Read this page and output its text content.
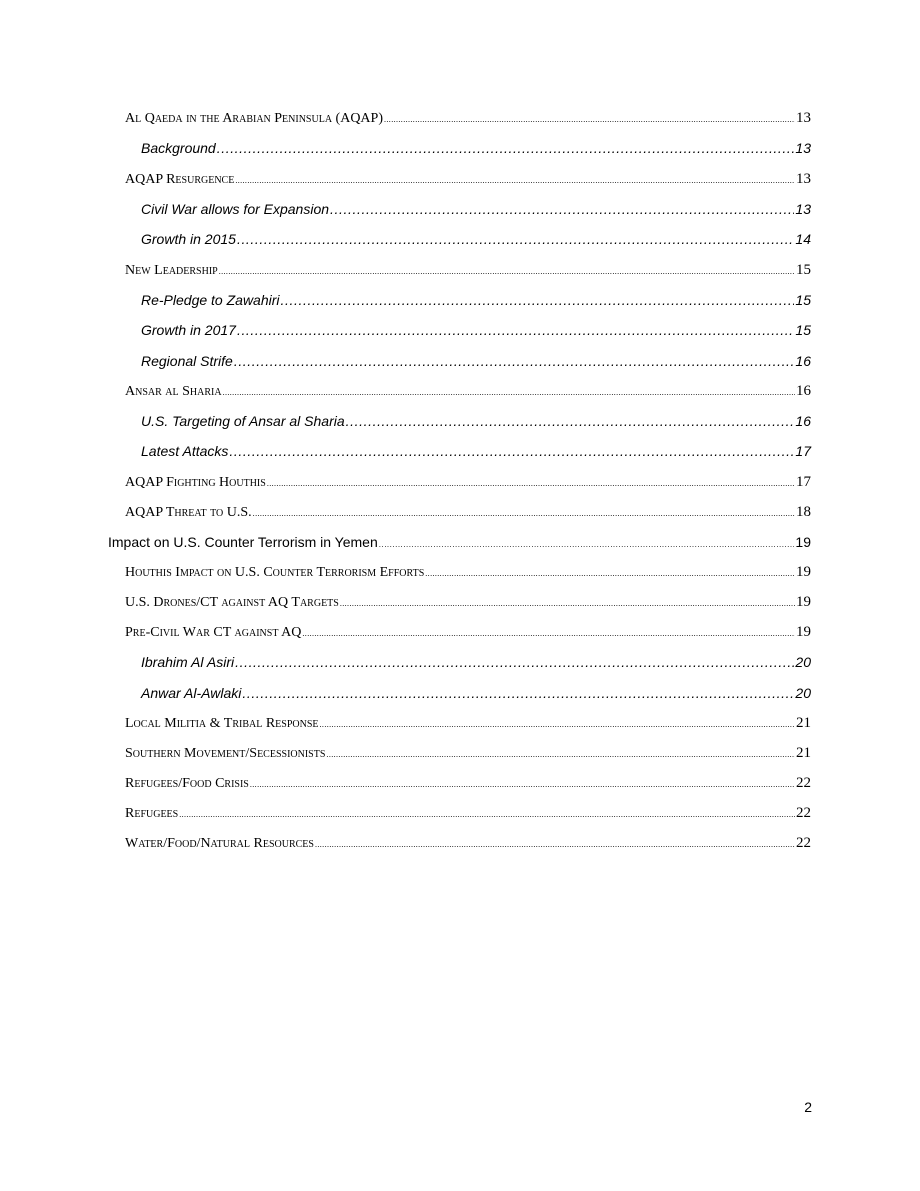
Al Qaeda in the Arabian Peninsula (AQAP) .....	13
Background .....	13
AQAP Resurgence .....	13
Civil War allows for Expansion .....	13
Growth in 2015 .....	14
New Leadership .....	15
Re-Pledge to Zawahiri .....	15
Growth in 2017 .....	15
Regional Strife .....	16
Ansar al Sharia .....	16
U.S. Targeting of Ansar al Sharia .....	16
Latest Attacks .....	17
AQAP Fighting Houthis .....	17
AQAP Threat to U.S. .....	18
Impact on U.S. Counter Terrorism in Yemen .....	19
Houthis Impact on U.S. Counter Terrorism Efforts .....	19
U.S. Drones/CT against AQ Targets .....	19
Pre-Civil War CT against AQ .....	19
Ibrahim Al Asiri .....	20
Anwar Al-Awlaki .....	20
Local Militia & Tribal Response .....	21
Southern Movement/Secessionists .....	21
Refugees/Food Crisis .....	22
Refugees .....	22
Water/Food/Natural Resources .....	22
2
